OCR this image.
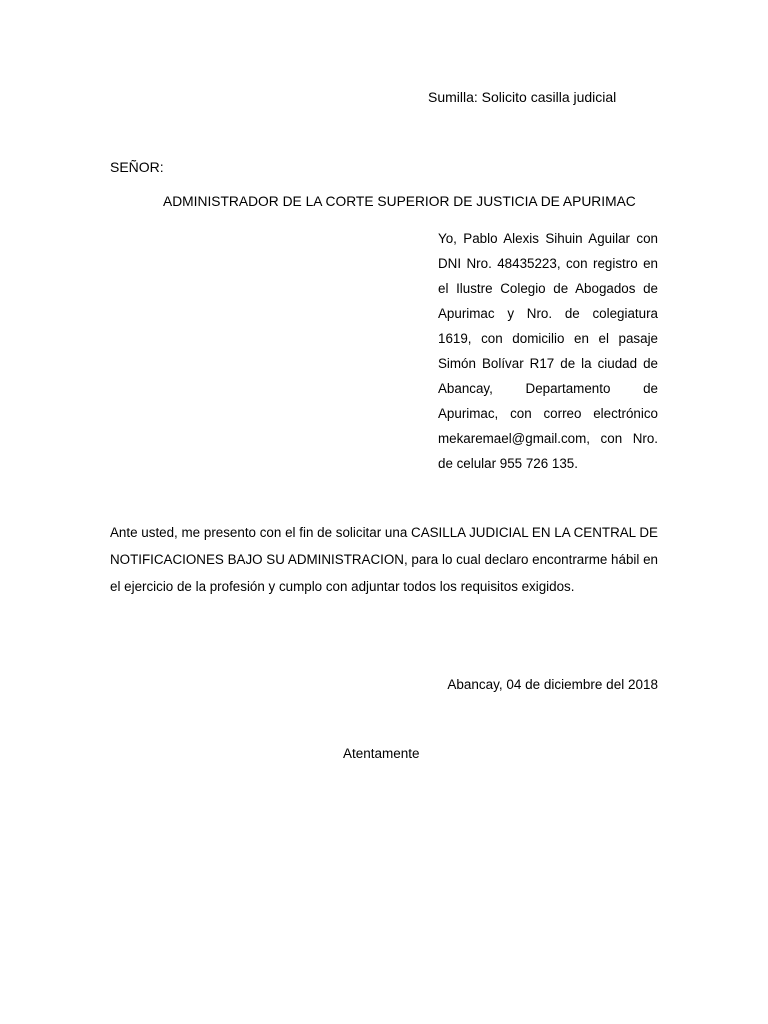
Sumilla: Solicito casilla judicial
SEÑOR:
ADMINISTRADOR DE LA CORTE SUPERIOR DE JUSTICIA DE APURIMAC
Yo, Pablo Alexis Sihuin Aguilar con
DNI Nro. 48435223, con registro en
el Ilustre Colegio de Abogados de
Apurimac y Nro. de colegiatura
1619, con domicilio en el pasaje
Simón Bolívar R17 de la ciudad de
Abancay, Departamento de
Apurimac, con correo electrónico
mekaremael@gmail.com, con Nro.
de celular 955 726 135.
Ante usted, me presento con el fin de solicitar una CASILLA JUDICIAL EN LA CENTRAL DE
NOTIFICACIONES BAJO SU ADMINISTRACION, para lo cual declaro encontrarme hábil en
el ejercicio de la profesión y cumplo con adjuntar todos los requisitos exigidos.
Abancay, 04 de diciembre del 2018
Atentamente
